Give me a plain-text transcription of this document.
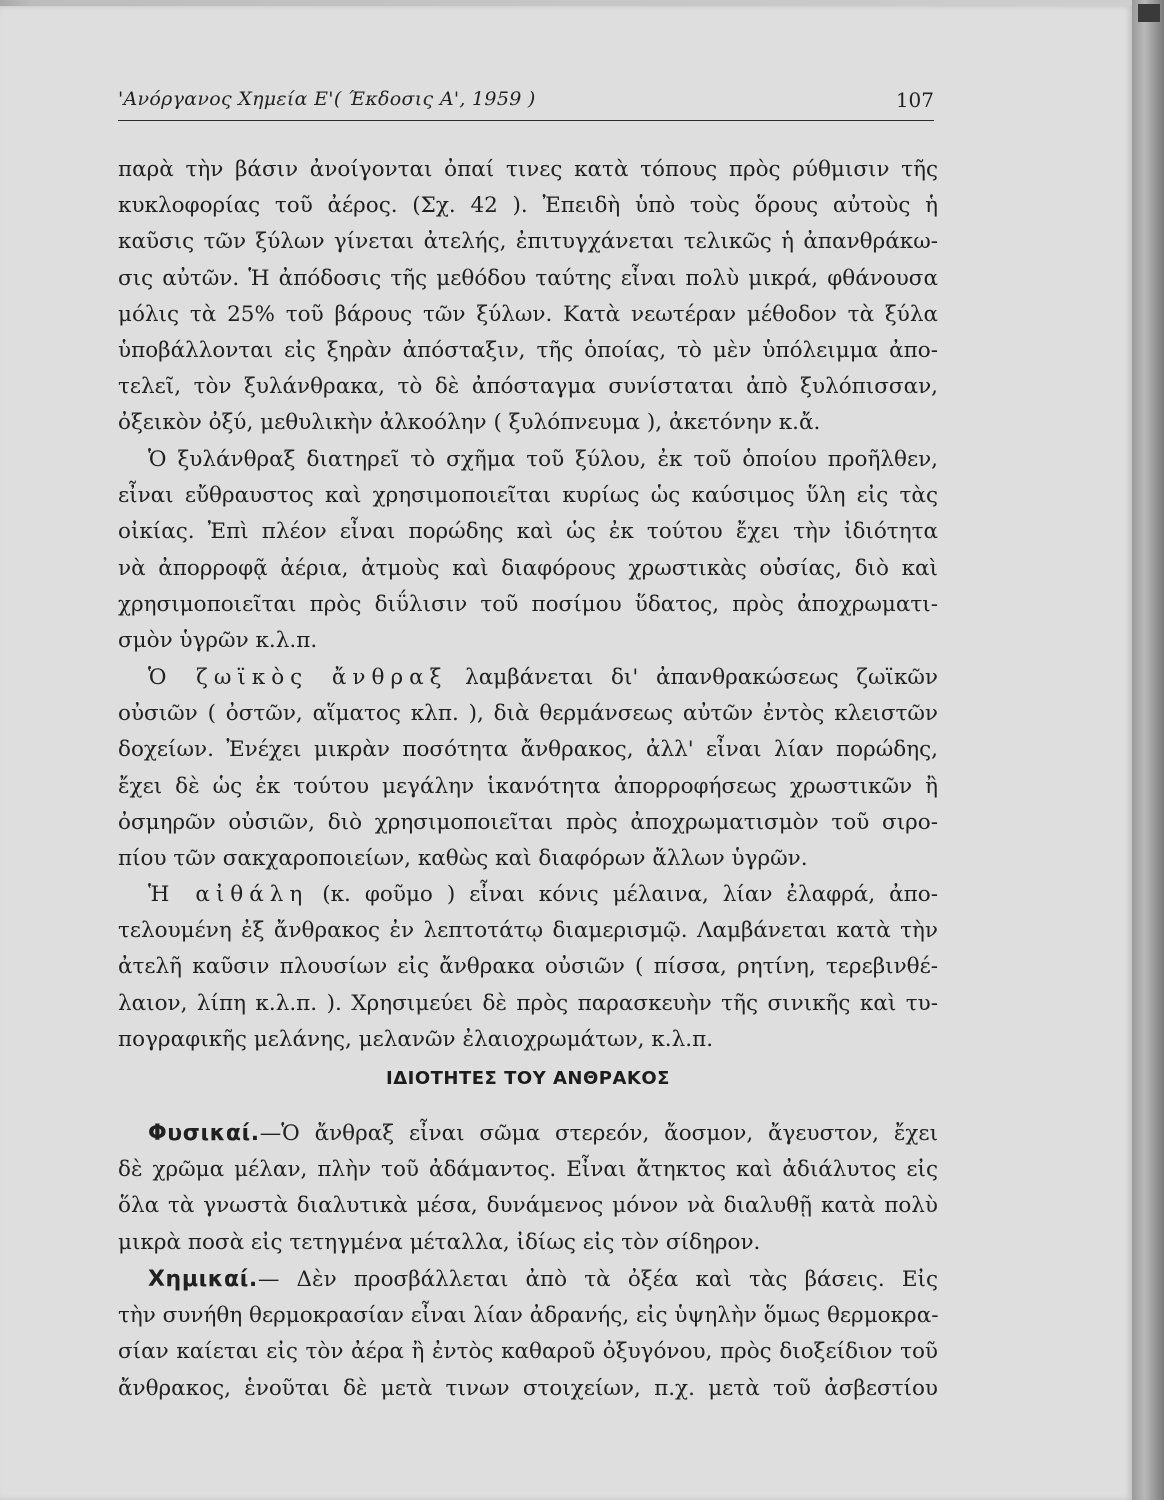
'Ανόργανος Χημεία Ε'( Έκδοσις Α', 1959 )	107
παρὰ τὴν βάσιν ἀνοίγονται ὀπαί τινες κατὰ τόπους πρὸς ρύθμισιν τῆς
κυκλοφορίας τοῦ ἀέρος. (Σχ. 42 ). Ἐπειδὴ ὑπὸ τοὺς ὅρους αὐτοὺς ἡ
καῦσις τῶν ξύλων γίνεται ἀτελής, ἐπιτυγχάνεται τελικῶς ἡ ἀπανθράκω-
σις αὐτῶν. Ἡ ἀπόδοσις τῆς μεθόδου ταύτης εἶναι πολὺ μικρά, φθάνουσα
μόλις τὰ 25% τοῦ βάρους τῶν ξύλων. Κατὰ νεωτέραν μέθοδον τὰ ξύλα
ὑποβάλλονται εἰς ξηρὰν ἀπόσταξιν, τῆς ὁποίας, τὸ μὲν ὑπόλειμμα ἀπο-
τελεῖ, τὸν ξυλάνθρακα, τὸ δὲ ἀπόσταγμα συνίσταται ἀπὸ ξυλόπισσαν,
ὀξεικὸν ὀξύ, μεθυλικὴν ἀλκοόλην ( ξυλόπνευμα ), ἀκετόνην κ.ἄ.
Ὁ ξυλάνθραξ διατηρεῖ τὸ σχῆμα τοῦ ξύλου, ἐκ τοῦ ὁποίου προῆλθεν,
εἶναι εὔθραυστος καὶ χρησιμοποιεῖται κυρίως ὡς καύσιμος ὕλη εἰς τὰς
οἰκίας. Ἐπὶ πλέον εἶναι πορώδης καὶ ὡς ἐκ τούτου ἔχει τὴν ἰδιότητα
νὰ ἀπορροφᾷ ἀέρια, ἀτμοὺς καὶ διαφόρους χρωστικὰς οὐσίας, διὸ καὶ
χρησιμοποιεῖται πρὸς διΰλισιν τοῦ ποσίμου ὕδατος, πρὸς ἀποχρωματι-
σμὸν ὑγρῶν κ.λ.π.
Ὁ ζωϊκὸς ἄνθραξ λαμβάνεται δι' ἀπανθρακώσεως ζωϊκῶν
οὐσιῶν ( ὀστῶν, αἵματος κλπ. ), διὰ θερμάνσεως αὐτῶν ἐντὸς κλειστῶν
δοχείων. Ἐνέχει μικρὰν ποσότητα ἄνθρακος, ἀλλ' εἶναι λίαν πορώδης,
ἔχει δὲ ὡς ἐκ τούτου μεγάλην ἱκανότητα ἀπορροφήσεως χρωστικῶν ἢ
ὀσμηρῶν οὐσιῶν, διὸ χρησιμοποιεῖται πρὸς ἀποχρωματισμὸν τοῦ σιρο-
πίου τῶν σακχαροποιείων, καθὼς καὶ διαφόρων ἄλλων ὑγρῶν.
Ἡ αἰθάλη (κ. φοῦμο ) εἶναι κόνις μέλαινα, λίαν ἐλαφρά, ἀπο-
τελουμένη ἐξ ἄνθρακος ἐν λεπτοτάτῳ διαμερισμῷ. Λαμβάνεται κατὰ τὴν
ἀτελῆ καῦσιν πλουσίων εἰς ἄνθρακα οὐσιῶν ( πίσσα, ρητίνη, τερεβινθέ-
λαιον, λίπη κ.λ.π. ). Χρησιμεύει δὲ πρὸς παρασκευὴν τῆς σινικῆς καὶ τυ-
πογραφικῆς μελάνης, μελανῶν ἐλαιοχρωμάτων, κ.λ.π.
ΙΔΙΟΤΗΤΕΣ ΤΟΥ ΑΝΘΡΑΚΟΣ
Φυσικαί.—Ὁ ἄνθραξ εἶναι σῶμα στερεόν, ἄοσμον, ἄγευστον, ἔχει
δὲ χρῶμα μέλαν, πλὴν τοῦ ἀδάμαντος. Εἶναι ἄτηκτος καὶ ἀδιάλυτος εἰς
ὅλα τὰ γνωστὰ διαλυτικὰ μέσα, δυνάμενος μόνον νὰ διαλυθῇ κατὰ πολὺ
μικρὰ ποσὰ εἰς τετηγμένα μέταλλα, ἰδίως εἰς τὸν σίδηρον.
Χημικαί.— Δὲν προσβάλλεται ἀπὸ τὰ ὀξέα καὶ τὰς βάσεις. Εἰς
τὴν συνήθη θερμοκρασίαν εἶναι λίαν ἀδρανής, εἰς ὑψηλὴν ὅμως θερμοκρα-
σίαν καίεται εἰς τὸν ἀέρα ἢ ἐντὸς καθαροῦ ὀξυγόνου, πρὸς διοξείδιον τοῦ
ἄνθρακος, ἑνοῦται δὲ μετὰ τινων στοιχείων, π.χ. μετὰ τοῦ ἀσβεστίου
